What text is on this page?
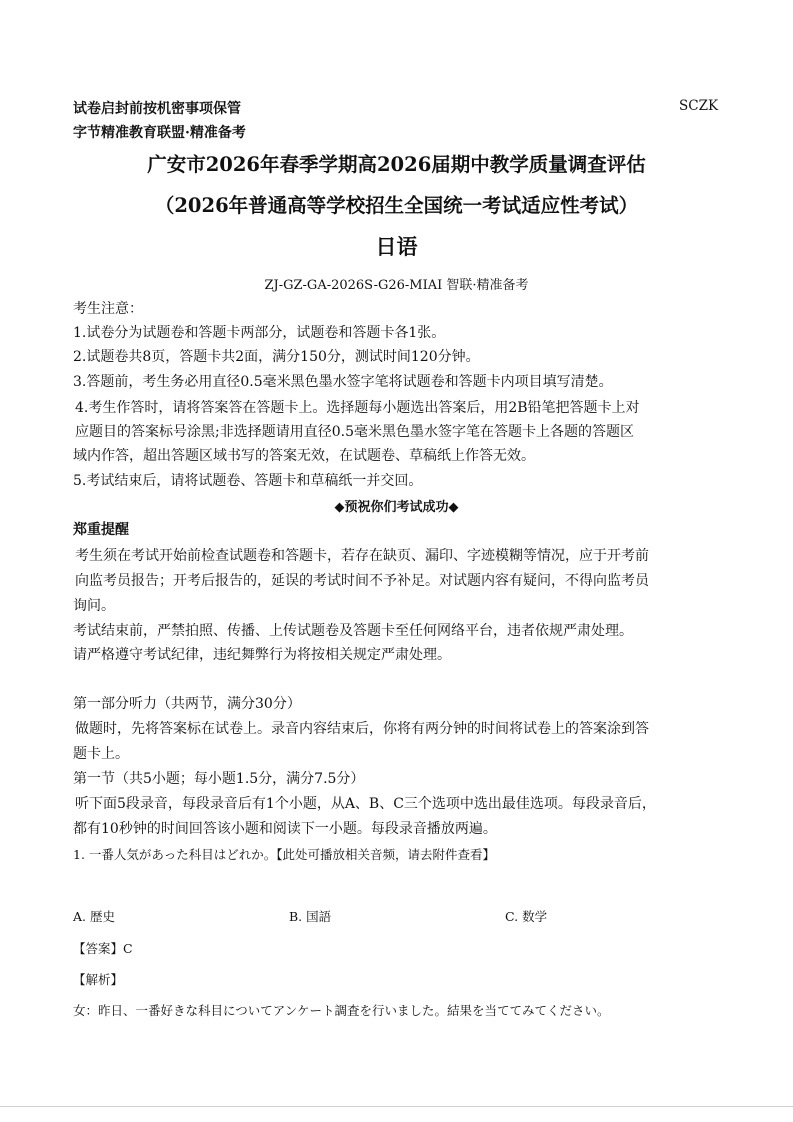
试卷启封前按机密事项保管	SCZK
字节精准教育联盟·精准备考
广安市2026年春季学期高2026届期中教学质量调查评估
（2026年普通高等学校招生全国统一考试适应性考试）
日语
ZJ-GZ-GA-2026S-G26-MIAI 智联·精准备考
考生注意：
1.试卷分为试题卷和答题卡两部分，试题卷和答题卡各1张。
2.试题卷共8页，答题卡共2面，满分150分，测试时间120分钟。
3.答题前，考生务必用直径0.5毫米黑色墨水签字笔将试题卷和答题卡内项目填写清楚。
4.考生作答时，请将答案答在答题卡上。选择题每小题选出答案后，用2B铅笔把答题卡上对
应题目的答案标号涂黑;非选择题请用直径0.5毫米黑色墨水签字笔在答题卡上各题的答题区
域内作答，超出答题区域书写的答案无效，在试题卷、草稿纸上作答无效。
5.考试结束后，请将试题卷、答题卡和草稿纸一并交回。
◆预祝你们考试成功◆
郑重提醒
考生须在考试开始前检查试题卷和答题卡，若存在缺页、漏印、字迹模糊等情况，应于开考前
向监考员报告；开考后报告的，延误的考试时间不予补足。对试题内容有疑问，不得向监考员
询问。
考试结束前，严禁拍照、传播、上传试题卷及答题卡至任何网络平台，违者依规严肃处理。
请严格遵守考试纪律，违纪舞弊行为将按相关规定严肃处理。
第一部分听力（共两节，满分30分）
做题时，先将答案标在试卷上。录音内容结束后，你将有两分钟的时间将试卷上的答案涂到答
题卡上。
第一节（共5小题；每小题1.5分，满分7.5分）
听下面5段录音，每段录音后有1个小题，从A、B、C三个选项中选出最佳选项。每段录音后，
都有10秒钟的时间回答该小题和阅读下一小题。每段录音播放两遍。
1. 一番人気があった科目はどれか。【此处可播放相关音频，请去附件查看】
A. 歴史	B. 国語	C. 数学
【答案】C
【解析】
女：昨日、一番好きな科目についてアンケート調査を行いました。結果を当ててみてください。
